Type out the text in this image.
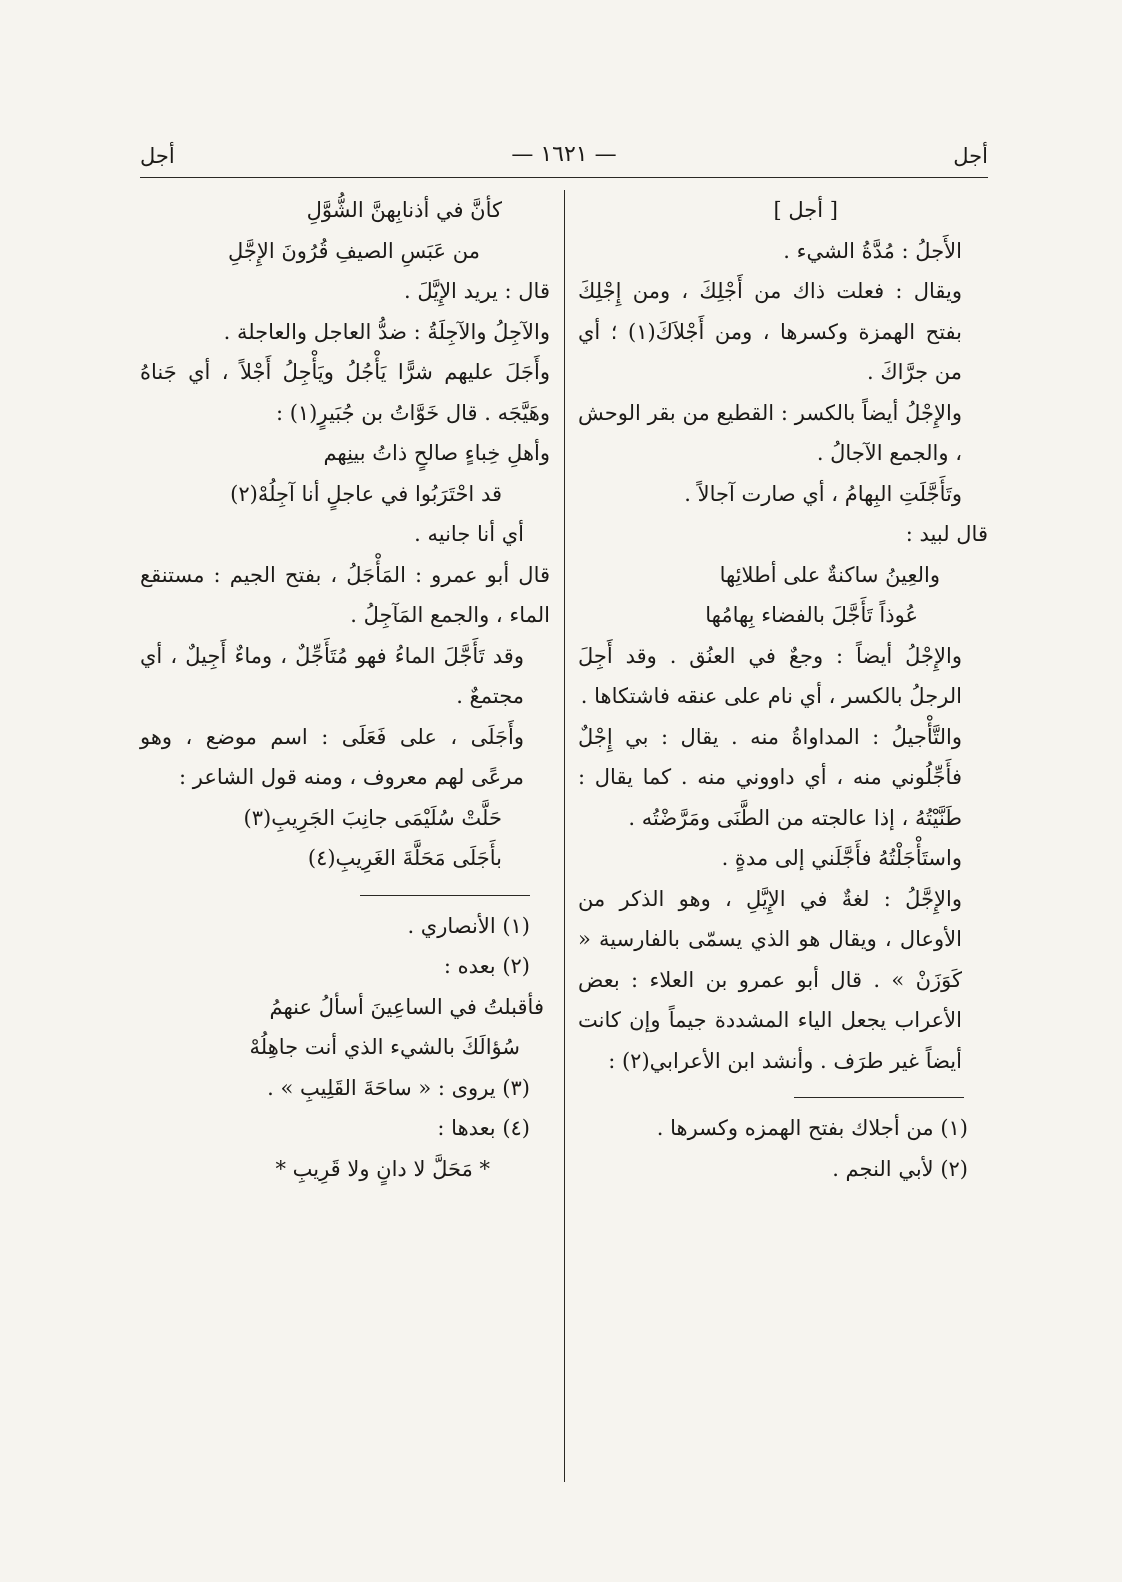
أجل
— ١٦٢١ —
أجل

[ أجل ]

الأَجلُ : مُدَّةُ الشيء .

ويقال : فعلت ذاك من أَجْلِكَ ، ومن إِجْلِكَ بفتح الهمزة وكسرها ، ومن أَجْلاَكَ(١) ؛ أي من جرَّاكَ .

والإِجْلُ أيضاً بالكسر : القطيع من بقر الوحش ، والجمع الآجالُ .

وتَأَجَّلَتِ البِهامُ ، أي صارت آجالاً .

قال لبيد :

والعِينُ ساكنةٌ على أطلائِها

عُوذاً تَأَجَّلَ بالفضاء بِهامُها

والإِجْلُ أيضاً : وجعٌ في العنُق . وقد أَجِلَ الرجلُ بالكسر ، أي نام على عنقه فاشتكاها .

والتَّأْجيلُ : المداواةُ منه . يقال : بي إِجْلٌ فأَجِّلُوني منه ، أي داووني منه . كما يقال : طَنَّيْتُهُ ، إذا عالجته من الطَّنَى ومَرَّضْتُه .

واستَأْجَلْتُهُ فأَجَّلَني إلى مدةٍ .

والإِجَّلُ : لغةٌ في الإِيَّلِ ، وهو الذكر من الأوعال ، ويقال هو الذي يسمّى بالفارسية « كَوَزَنْ » . قال أبو عمرو بن العلاء : بعض الأعراب يجعل الياء المشددة جيماً وإن كانت أيضاً غير طرَف . وأنشد ابن الأعرابي(٢) :

(١) من أجلاك بفتح الهمزه وكسرها .

(٢) لأبي النجم .

كأنَّ في أذنابِهنَّ الشُّوَّلِ

من عَبَسِ الصيفِ قُرُونَ الإِجَّلِ

قال : يريد الإِيَّلَ .

والآجِلُ والآجِلَةُ : ضدُّ العاجل والعاجلة .

وأَجَلَ عليهم شرًّا يَأْجُلُ ويَأْجِلُ أَجْلاً ، أي جَناهُ وهَيَّجَه . قال خَوَّاتُ بن جُبَيرٍ(١) :

وأهلِ خِباءٍ صالحٍ ذاتُ بينِهم

قد احْتَرَبُوا في عاجلٍ أنا آجِلُهْ(٢)

أي أنا جانيه .

قال أبو عمرو : المَأْجَلُ ، بفتح الجيم : مستنقع الماء ، والجمع المَآجِلُ .

وقد تَأَجَّلَ الماءُ فهو مُتَأَجِّلٌ ، وماءٌ أَجِيلٌ ، أي مجتمعٌ .

وأَجَلَى ، على فَعَلَى : اسم موضع ، وهو مرعًى لهم معروف ، ومنه قول الشاعر :

حَلَّتْ سُلَيْمَى جانِبَ الجَرِيبِ(٣)

بأَجَلَى مَحَلَّةَ الغَرِيبِ(٤)

(١) الأنصاري .

(٢) بعده :

فأقبلتُ في الساعِينَ أسألُ عنهمُ

سُؤالَكَ بالشيء الذي أنت جاهِلُهْ

(٣) يروى : « ساحَةَ القَلِيبِ » .

(٤) بعدها :

* مَحَلَّ لا دانٍ ولا قَرِيبِ *
